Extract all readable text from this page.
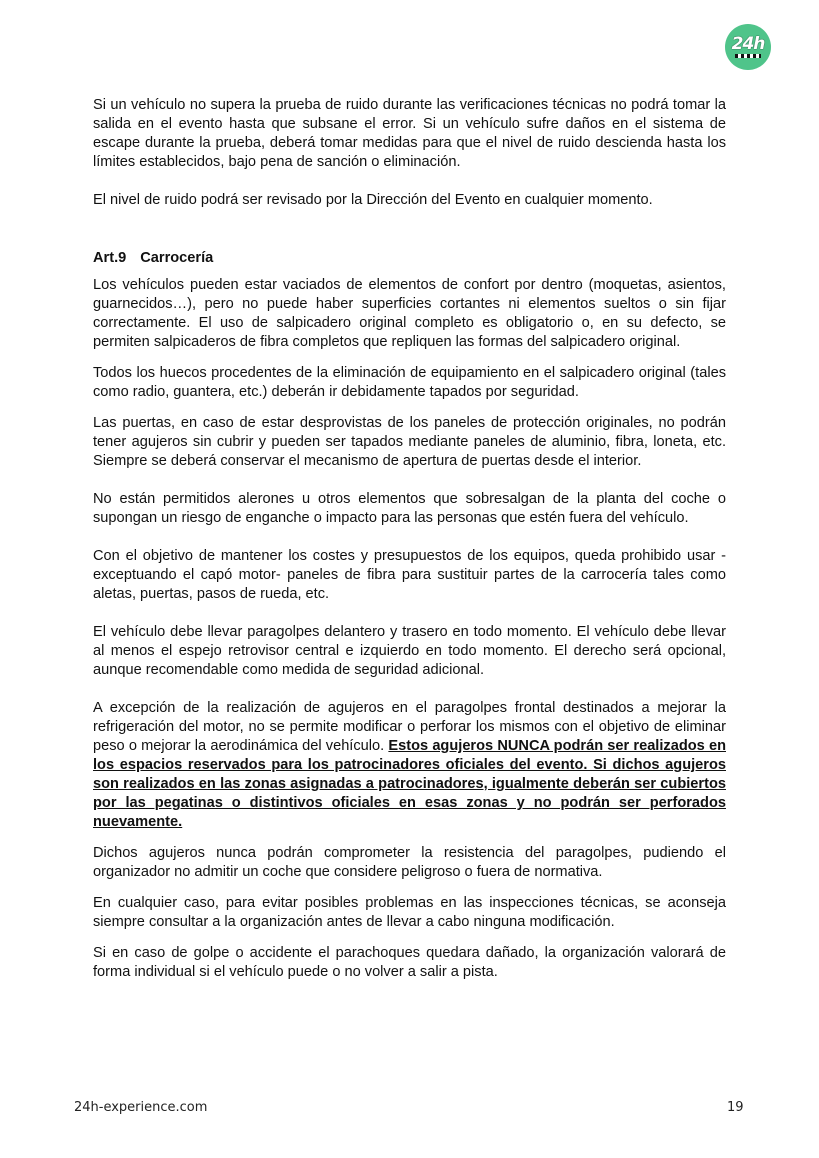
24h

Si un vehículo no supera la prueba de ruido durante las verificaciones técnicas no podrá tomar la salida en el evento hasta que subsane el error. Si un vehículo sufre daños en el sistema de escape durante la prueba, deberá tomar medidas para que el nivel de ruido descienda hasta los límites establecidos, bajo pena de sanción o eliminación.

El nivel de ruido podrá ser revisado por la Dirección del Evento en cualquier momento.

Art.9 Carrocería

Los vehículos pueden estar vaciados de elementos de confort por dentro (moquetas, asientos, guarnecidos…), pero no puede haber superficies cortantes ni elementos sueltos o sin fijar correctamente. El uso de salpicadero original completo es obligatorio o, en su defecto, se permiten salpicaderos de fibra completos que repliquen las formas del salpicadero original.

Todos los huecos procedentes de la eliminación de equipamiento en el salpicadero original (tales como radio, guantera, etc.) deberán ir debidamente tapados por seguridad.

Las puertas, en caso de estar desprovistas de los paneles de protección originales, no podrán tener agujeros sin cubrir y pueden ser tapados mediante paneles de aluminio, fibra, loneta, etc. Siempre se deberá conservar el mecanismo de apertura de puertas desde el interior.

No están permitidos alerones u otros elementos que sobresalgan de la planta del coche o supongan un riesgo de enganche o impacto para las personas que estén fuera del vehículo.

Con el objetivo de mantener los costes y presupuestos de los equipos, queda prohibido usar - exceptuando el capó motor- paneles de fibra para sustituir partes de la carrocería tales como aletas, puertas, pasos de rueda, etc.

El vehículo debe llevar paragolpes delantero y trasero en todo momento. El vehículo debe llevar al menos el espejo retrovisor central e izquierdo en todo momento. El derecho será opcional, aunque recomendable como medida de seguridad adicional.

A excepción de la realización de agujeros en el paragolpes frontal destinados a mejorar la refrigeración del motor, no se permite modificar o perforar los mismos con el objetivo de eliminar peso o mejorar la aerodinámica del vehículo. Estos agujeros NUNCA podrán ser realizados en los espacios reservados para los patrocinadores oficiales del evento. Si dichos agujeros son realizados en las zonas asignadas a patrocinadores, igualmente deberán ser cubiertos por las pegatinas o distintivos oficiales en esas zonas y no podrán ser perforados nuevamente.

Dichos agujeros nunca podrán comprometer la resistencia del paragolpes, pudiendo el organizador no admitir un coche que considere peligroso o fuera de normativa.

En cualquier caso, para evitar posibles problemas en las inspecciones técnicas, se aconseja siempre consultar a la organización antes de llevar a cabo ninguna modificación.

Si en caso de golpe o accidente el parachoques quedara dañado, la organización valorará de forma individual si el vehículo puede o no volver a salir a pista.

24h-experience.com	19
